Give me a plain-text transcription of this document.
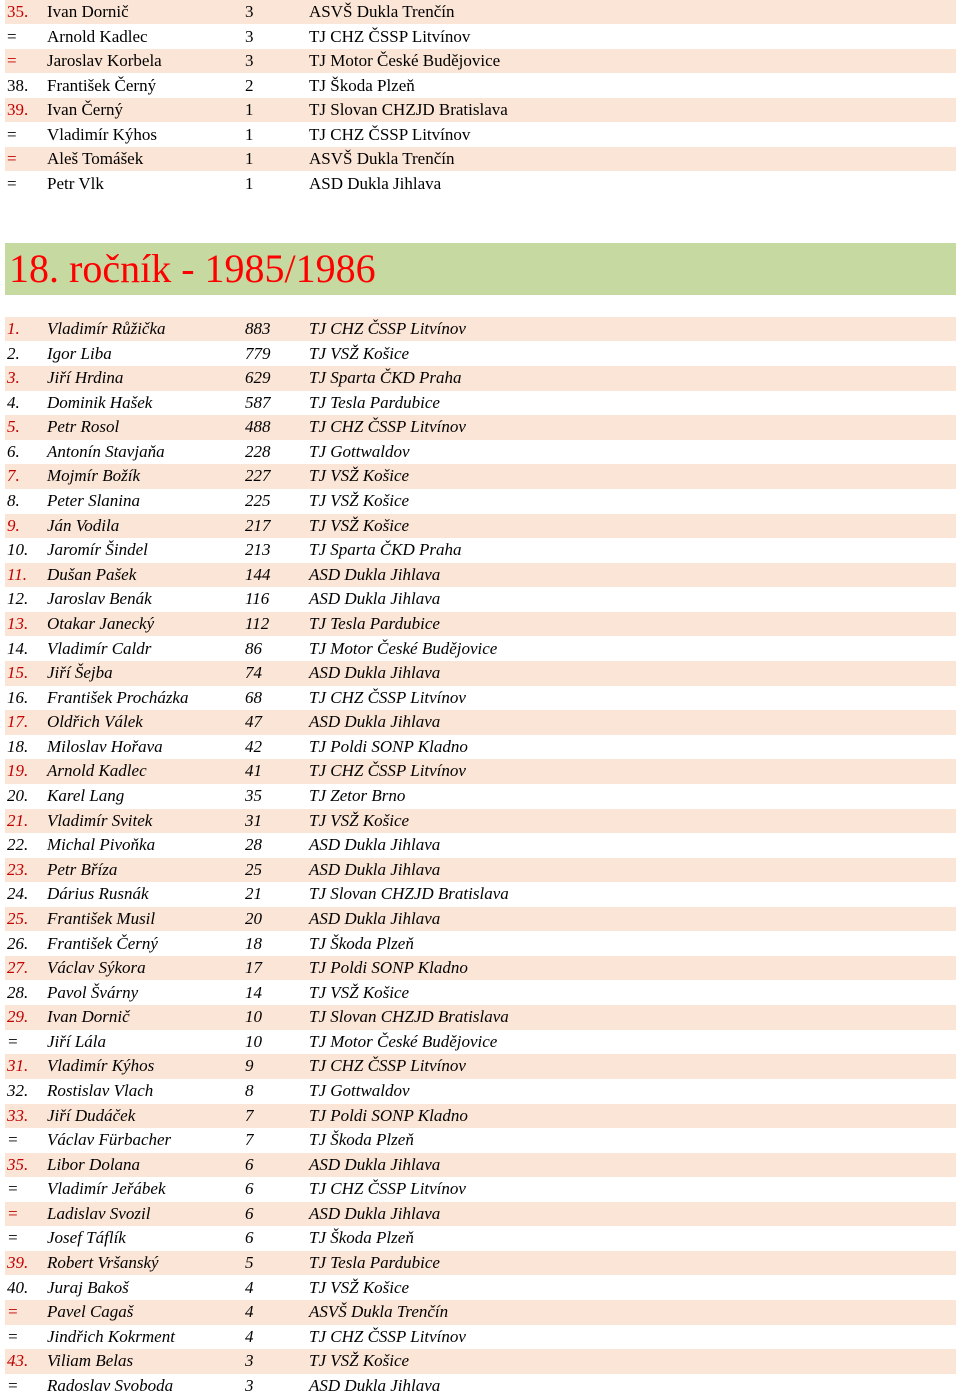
35. Ivan Dornič	3	ASVŠ Dukla Trenčín
= Arnold Kadlec	3	TJ CHZ ČSSP Litvínov
= Jaroslav Korbela	3	TJ Motor České Budějovice
38. František Černý	2	TJ Škoda Plzeň
39. Ivan Černý	1	TJ Slovan CHZJD Bratislava
= Vladimír Kýhos	1	TJ CHZ ČSSP Litvínov
= Aleš Tomášek	1	ASVŠ Dukla Trenčín
= Petr Vlk	1	ASD Dukla Jihlava
18. ročník - 1985/1986
1. Vladimír Růžička	883 TJ CHZ ČSSP Litvínov
2. Igor Liba	779 TJ VSŽ Košice
3. Jiří Hrdina	629 TJ Sparta ČKD Praha
4. Dominik Hašek	587 TJ Tesla Pardubice
5. Petr Rosol	488 TJ CHZ ČSSP Litvínov
6. Antonín Stavjaňa	228 TJ Gottwaldov
7. Mojmír Božík	227 TJ VSŽ Košice
8. Peter Slanina	225 TJ VSŽ Košice
9. Ján Vodila	217 TJ VSŽ Košice
10. Jaromír Šindel	213 TJ Sparta ČKD Praha
11. Dušan Pašek	144 ASD Dukla Jihlava
12. Jaroslav Benák	116 ASD Dukla Jihlava
13. Otakar Janecký	112 TJ Tesla Pardubice
14. Vladimír Caldr	86	TJ Motor České Budějovice
15. Jiří Šejba	74	ASD Dukla Jihlava
16. František Procházka	68	TJ CHZ ČSSP Litvínov
17. Oldřich Válek	47	ASD Dukla Jihlava
18. Miloslav Hořava	42	TJ Poldi SONP Kladno
19. Arnold Kadlec	41	TJ CHZ ČSSP Litvínov
20. Karel Lang	35	TJ Zetor Brno
21. Vladimír Svitek	31	TJ VSŽ Košice
22. Michal Pivoňka	28	ASD Dukla Jihlava
23. Petr Bříza	25	ASD Dukla Jihlava
24. Dárius Rusnák	21	TJ Slovan CHZJD Bratislava
25. František Musil	20	ASD Dukla Jihlava
26. František Černý	18	TJ Škoda Plzeň
27. Václav Sýkora	17	TJ Poldi SONP Kladno
28. Pavol Švárny	14	TJ VSŽ Košice
29. Ivan Dornič	10	TJ Slovan CHZJD Bratislava
= Jiří Lála	10	TJ Motor České Budějovice
31. Vladimír Kýhos	9	TJ CHZ ČSSP Litvínov
32. Rostislav Vlach	8	TJ Gottwaldov
33. Jiří Dudáček	7	TJ Poldi SONP Kladno
= Václav Fürbacher	7	TJ Škoda Plzeň
35. Libor Dolana	6	ASD Dukla Jihlava
= Vladimír Jeřábek	6	TJ CHZ ČSSP Litvínov
= Ladislav Svozil	6	ASD Dukla Jihlava
= Josef Táflík	6	TJ Škoda Plzeň
39. Robert Vršanský	5	TJ Tesla Pardubice
40. Juraj Bakoš	4	TJ VSŽ Košice
= Pavel Cagaš	4	ASVŠ Dukla Trenčín
= Jindřich Kokrment	4	TJ CHZ ČSSP Litvínov
43. Viliam Belas	3	TJ VSŽ Košice
= Radoslav Svoboda	3	ASD Dukla Jihlava
